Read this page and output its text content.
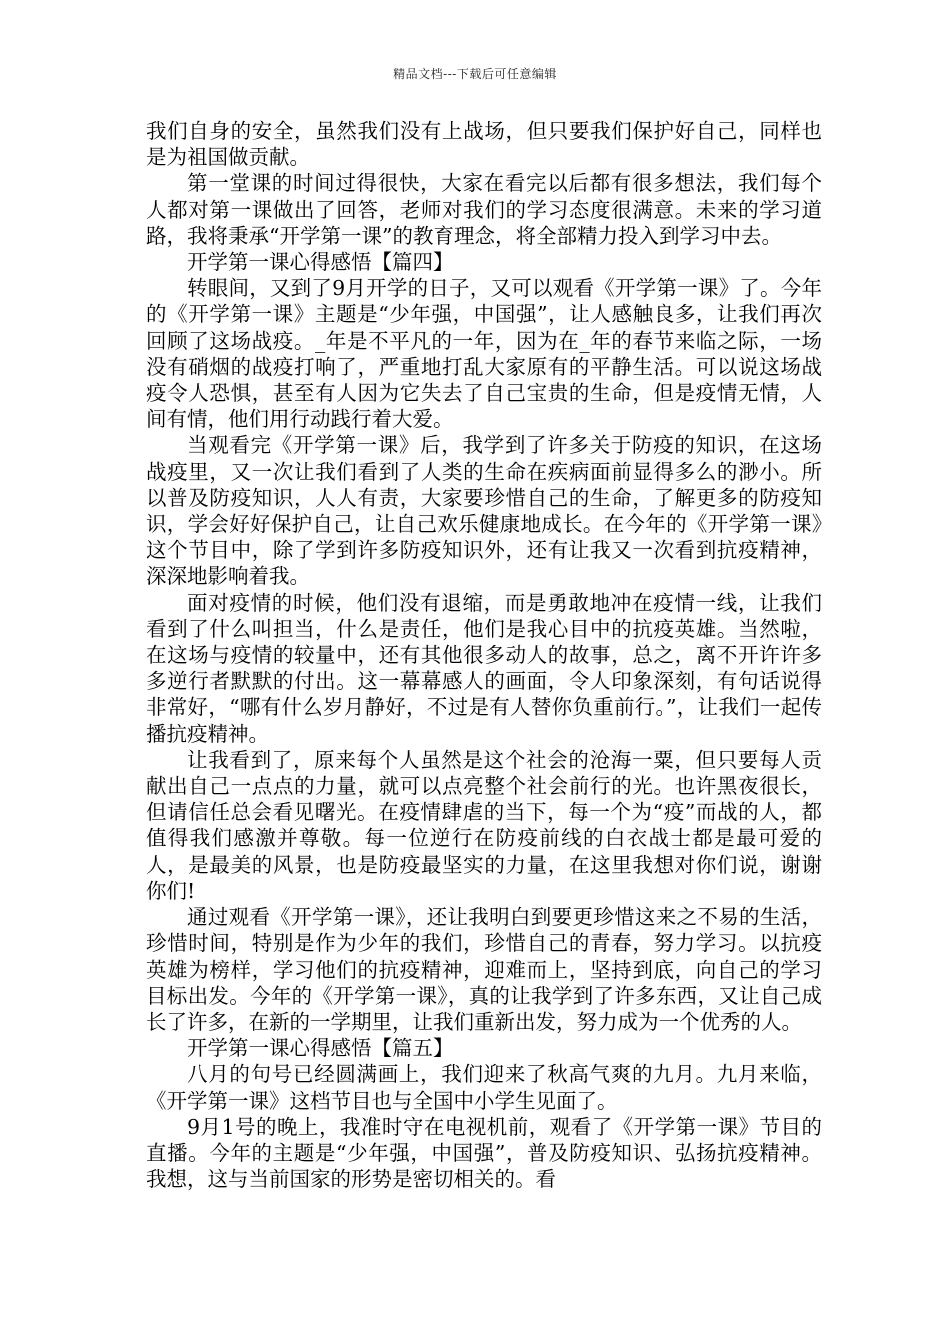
精品文档---下载后可任意编辑

我们自身的安全，虽然我们没有上战场，但只要我们保护好自己，同样也是为祖国做贡献。

第一堂课的时间过得很快，大家在看完以后都有很多想法，我们每个人都对第一课做出了回答，老师对我们的学习态度很满意。未来的学习道路，我将秉承“开学第一课”的教育理念，将全部精力投入到学习中去。

开学第一课心得感悟【篇四】

转眼间，又到了9月开学的日子，又可以观看《开学第一课》了。今年的《开学第一课》主题是“少年强，中国强”，让人感触良多，让我们再次回顾了这场战疫。_年是不平凡的一年，因为在_年的春节来临之际，一场没有硝烟的战疫打响了，严重地打乱大家原有的平静生活。可以说这场战疫令人恐惧，甚至有人因为它失去了自己宝贵的生命，但是疫情无情，人间有情，他们用行动践行着大爱。

当观看完《开学第一课》后，我学到了许多关于防疫的知识，在这场战疫里，又一次让我们看到了人类的生命在疾病面前显得多么的渺小。所以普及防疫知识，人人有责，大家要珍惜自己的生命，了解更多的防疫知识，学会好好保护自己，让自己欢乐健康地成长。在今年的《开学第一课》这个节目中，除了学到许多防疫知识外，还有让我又一次看到抗疫精神，深深地影响着我。

面对疫情的时候，他们没有退缩，而是勇敢地冲在疫情一线，让我们看到了什么叫担当，什么是责任，他们是我心目中的抗疫英雄。当然啦，在这场与疫情的较量中，还有其他很多动人的故事，总之，离不开许许多多逆行者默默的付出。这一幕幕感人的画面，令人印象深刻，有句话说得非常好，“哪有什么岁月静好，不过是有人替你负重前行。”，让我们一起传播抗疫精神。

让我看到了，原来每个人虽然是这个社会的沧海一粟，但只要每人贡献出自己一点点的力量，就可以点亮整个社会前行的光。也许黑夜很长，但请信任总会看见曙光。在疫情肆虐的当下，每一个为“疫”而战的人，都值得我们感激并尊敬。每一位逆行在防疫前线的白衣战士都是最可爱的人，是最美的风景，也是防疫最坚实的力量，在这里我想对你们说，谢谢你们!

通过观看《开学第一课》，还让我明白到要更珍惜这来之不易的生活，珍惜时间，特别是作为少年的我们，珍惜自己的青春，努力学习。以抗疫英雄为榜样，学习他们的抗疫精神，迎难而上，坚持到底，向自己的学习目标出发。今年的《开学第一课》，真的让我学到了许多东西，又让自己成长了许多，在新的一学期里，让我们重新出发，努力成为一个优秀的人。

开学第一课心得感悟【篇五】

八月的句号已经圆满画上，我们迎来了秋高气爽的九月。九月来临，《开学第一课》这档节目也与全国中小学生见面了。

9月1号的晚上，我准时守在电视机前，观看了《开学第一课》节目的直播。今年的主题是“少年强，中国强”，普及防疫知识、弘扬抗疫精神。我想，这与当前国家的形势是密切相关的。看
